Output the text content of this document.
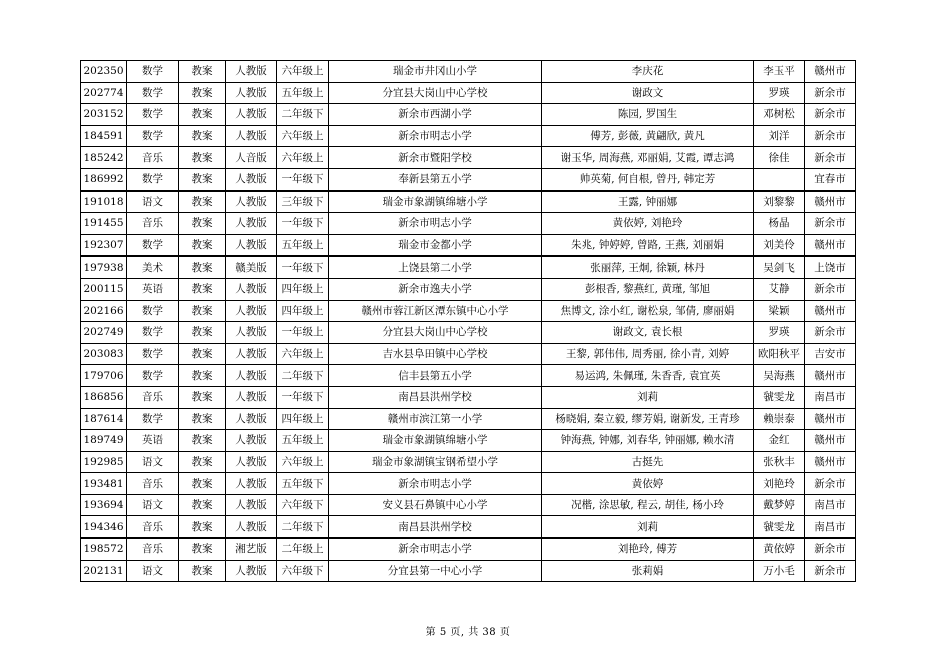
202350	数学	教案	人教版	六年级上	瑞金市井冈山小学	李庆花	李玉平	赣州市
202774	数学	教案	人教版	五年级上	分宜县大岗山中心学校	谢政文	罗瑛	新余市
203152	数学	教案	人教版	二年级下	新余市西湖小学	陈园, 罗国生	邓树松	新余市
184591	数学	教案	人教版	六年级上	新余市明志小学	傅芳, 彭薇, 黄翩欣, 黄凡	刘洋	新余市
185242	音乐	教案	人音版	六年级上	新余市暨阳学校	谢玉华, 周海燕, 邓丽娟, 艾霞, 谭志鸿	徐佳	新余市
186992	数学	教案	人教版	一年级下	奉新县第五小学	帅英菊, 何自根, 曾丹, 韩定芳		宜春市
191018	语文	教案	人教版	三年级下	瑞金市象湖镇绵塘小学	王露, 钟丽娜	刘黎黎	赣州市
191455	音乐	教案	人教版	一年级下	新余市明志小学	黄依婷, 刘艳玲	杨晶	新余市
192307	数学	教案	人教版	五年级上	瑞金市金都小学	朱兆, 钟婷婷, 曾路, 王燕, 刘丽娟	刘美伶	赣州市
197938	美术	教案	赣美版	一年级下	上饶县第二小学	张丽萍, 王炯, 徐颖, 林丹	吴剑飞	上饶市
200115	英语	教案	人教版	四年级上	新余市逸夫小学	彭根香, 黎燕红, 黄瑾, 邹旭	艾静	新余市
202166	数学	教案	人教版	四年级上	赣州市蓉江新区潭东镇中心小学	焦博文, 涂小红, 谢松泉, 邹倩, 廖丽娟	梁颖	赣州市
202749	数学	教案	人教版	一年级上	分宜县大岗山中心学校	谢政文, 袁长根	罗瑛	新余市
203083	数学	教案	人教版	六年级上	吉水县阜田镇中心学校	王黎, 郭伟伟, 周秀丽, 徐小青, 刘婷	欧阳秋平	吉安市
179706	数学	教案	人教版	二年级下	信丰县第五小学	易运鸿, 朱佩瑾, 朱香香, 袁宜英	吴海燕	赣州市
186856	音乐	教案	人教版	一年级下	南昌县洪州学校	刘莉	虢雯龙	南昌市
187614	数学	教案	人教版	四年级上	赣州市滨江第一小学	杨晓娟, 秦立毅, 缪芳娟, 谢新发, 王青珍	赖崇泰	赣州市
189749	英语	教案	人教版	五年级上	瑞金市象湖镇绵塘小学	钟海燕, 钟娜, 刘春华, 钟丽娜, 赖水清	金红	赣州市
192985	语文	教案	人教版	六年级上	瑞金市象湖镇宝钢希望小学	古挺先	张秋丰	赣州市
193481	音乐	教案	人教版	五年级下	新余市明志小学	黄依婷	刘艳玲	新余市
193694	语文	教案	人教版	六年级下	安义县石鼻镇中心小学	况楷, 涂思敏, 程云, 胡佳, 杨小玲	戴梦婷	南昌市
194346	音乐	教案	人教版	二年级下	南昌县洪州学校	刘莉	虢雯龙	南昌市
198572	音乐	教案	湘艺版	二年级上	新余市明志小学	刘艳玲, 傅芳	黄依婷	新余市
202131	语文	教案	人教版	六年级下	分宜县第一中心小学	张莉娟	万小毛	新余市
第 5 页, 共 38 页
